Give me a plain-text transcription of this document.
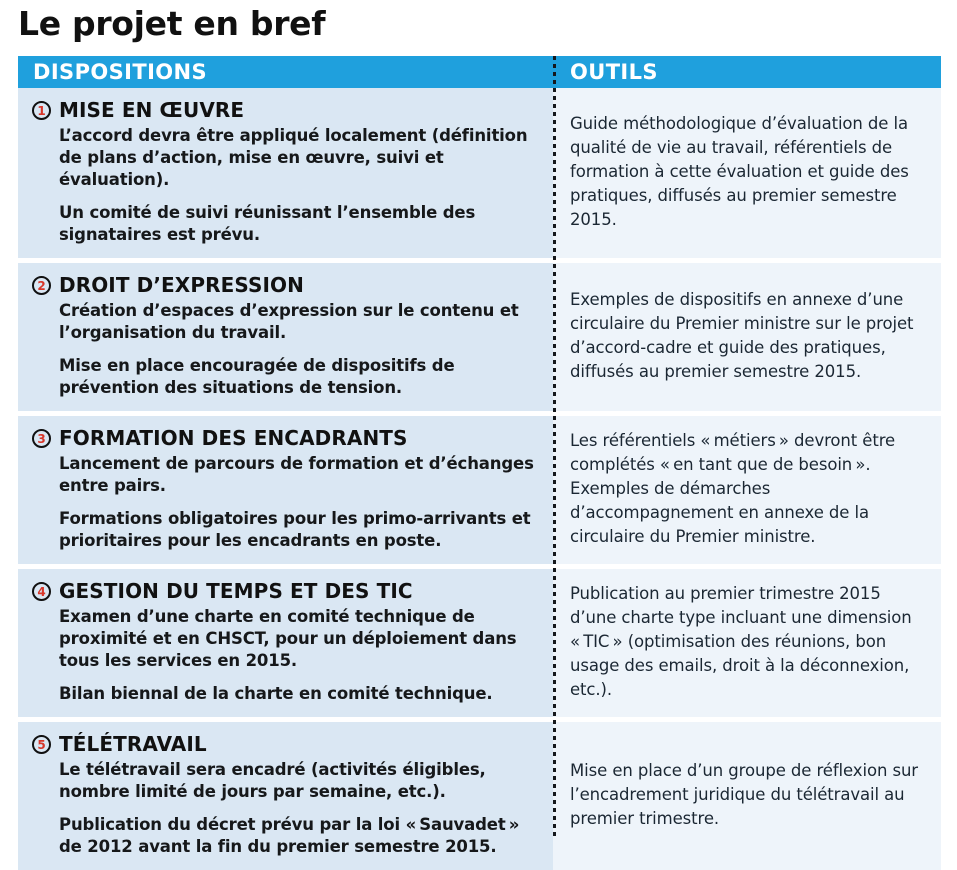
Le projet en bref
DISPOSITIONS	OUTILS
1 MISE EN ŒUVRE

L’accord devra être appliqué localement (définition de plans d’action, mise en œuvre, suivi et évaluation).

Un comité de suivi réunissant l’ensemble des signataires est prévu.

Guide méthodologique d’évaluation de la qualité de vie au travail, référentiels de formation à cette évaluation et guide des pratiques, diffusés au premier semestre 2015.

2 DROIT D’EXPRESSION

Création d’espaces d’expression sur le contenu et l’organisation du travail.

Mise en place encouragée de dispositifs de prévention des situations de tension.

Exemples de dispositifs en annexe d’une circulaire du Premier ministre sur le projet d’accord-cadre et guide des pratiques, diffusés au premier semestre 2015.

3 FORMATION DES ENCADRANTS

Lancement de parcours de formation et d’échanges entre pairs.

Formations obligatoires pour les primo-arrivants et prioritaires pour les encadrants en poste.

Les référentiels « métiers » devront être complétés « en tant que de besoin ». Exemples de démarches d’accompagnement en annexe de la circulaire du Premier ministre.

4 GESTION DU TEMPS ET DES TIC

Examen d’une charte en comité technique de proximité et en CHSCT, pour un déploiement dans tous les services en 2015.

Bilan biennal de la charte en comité technique.

Publication au premier trimestre 2015 d’une charte type incluant une dimension « TIC » (optimisation des réunions, bon usage des emails, droit à la déconnexion, etc.).

5 TÉLÉTRAVAIL

Le télétravail sera encadré (activités éligibles, nombre limité de jours par semaine, etc.).

Publication du décret prévu par la loi « Sauvadet » de 2012 avant la fin du premier semestre 2015.

Mise en place d’un groupe de réflexion sur l’encadrement juridique du télétravail au premier trimestre.
